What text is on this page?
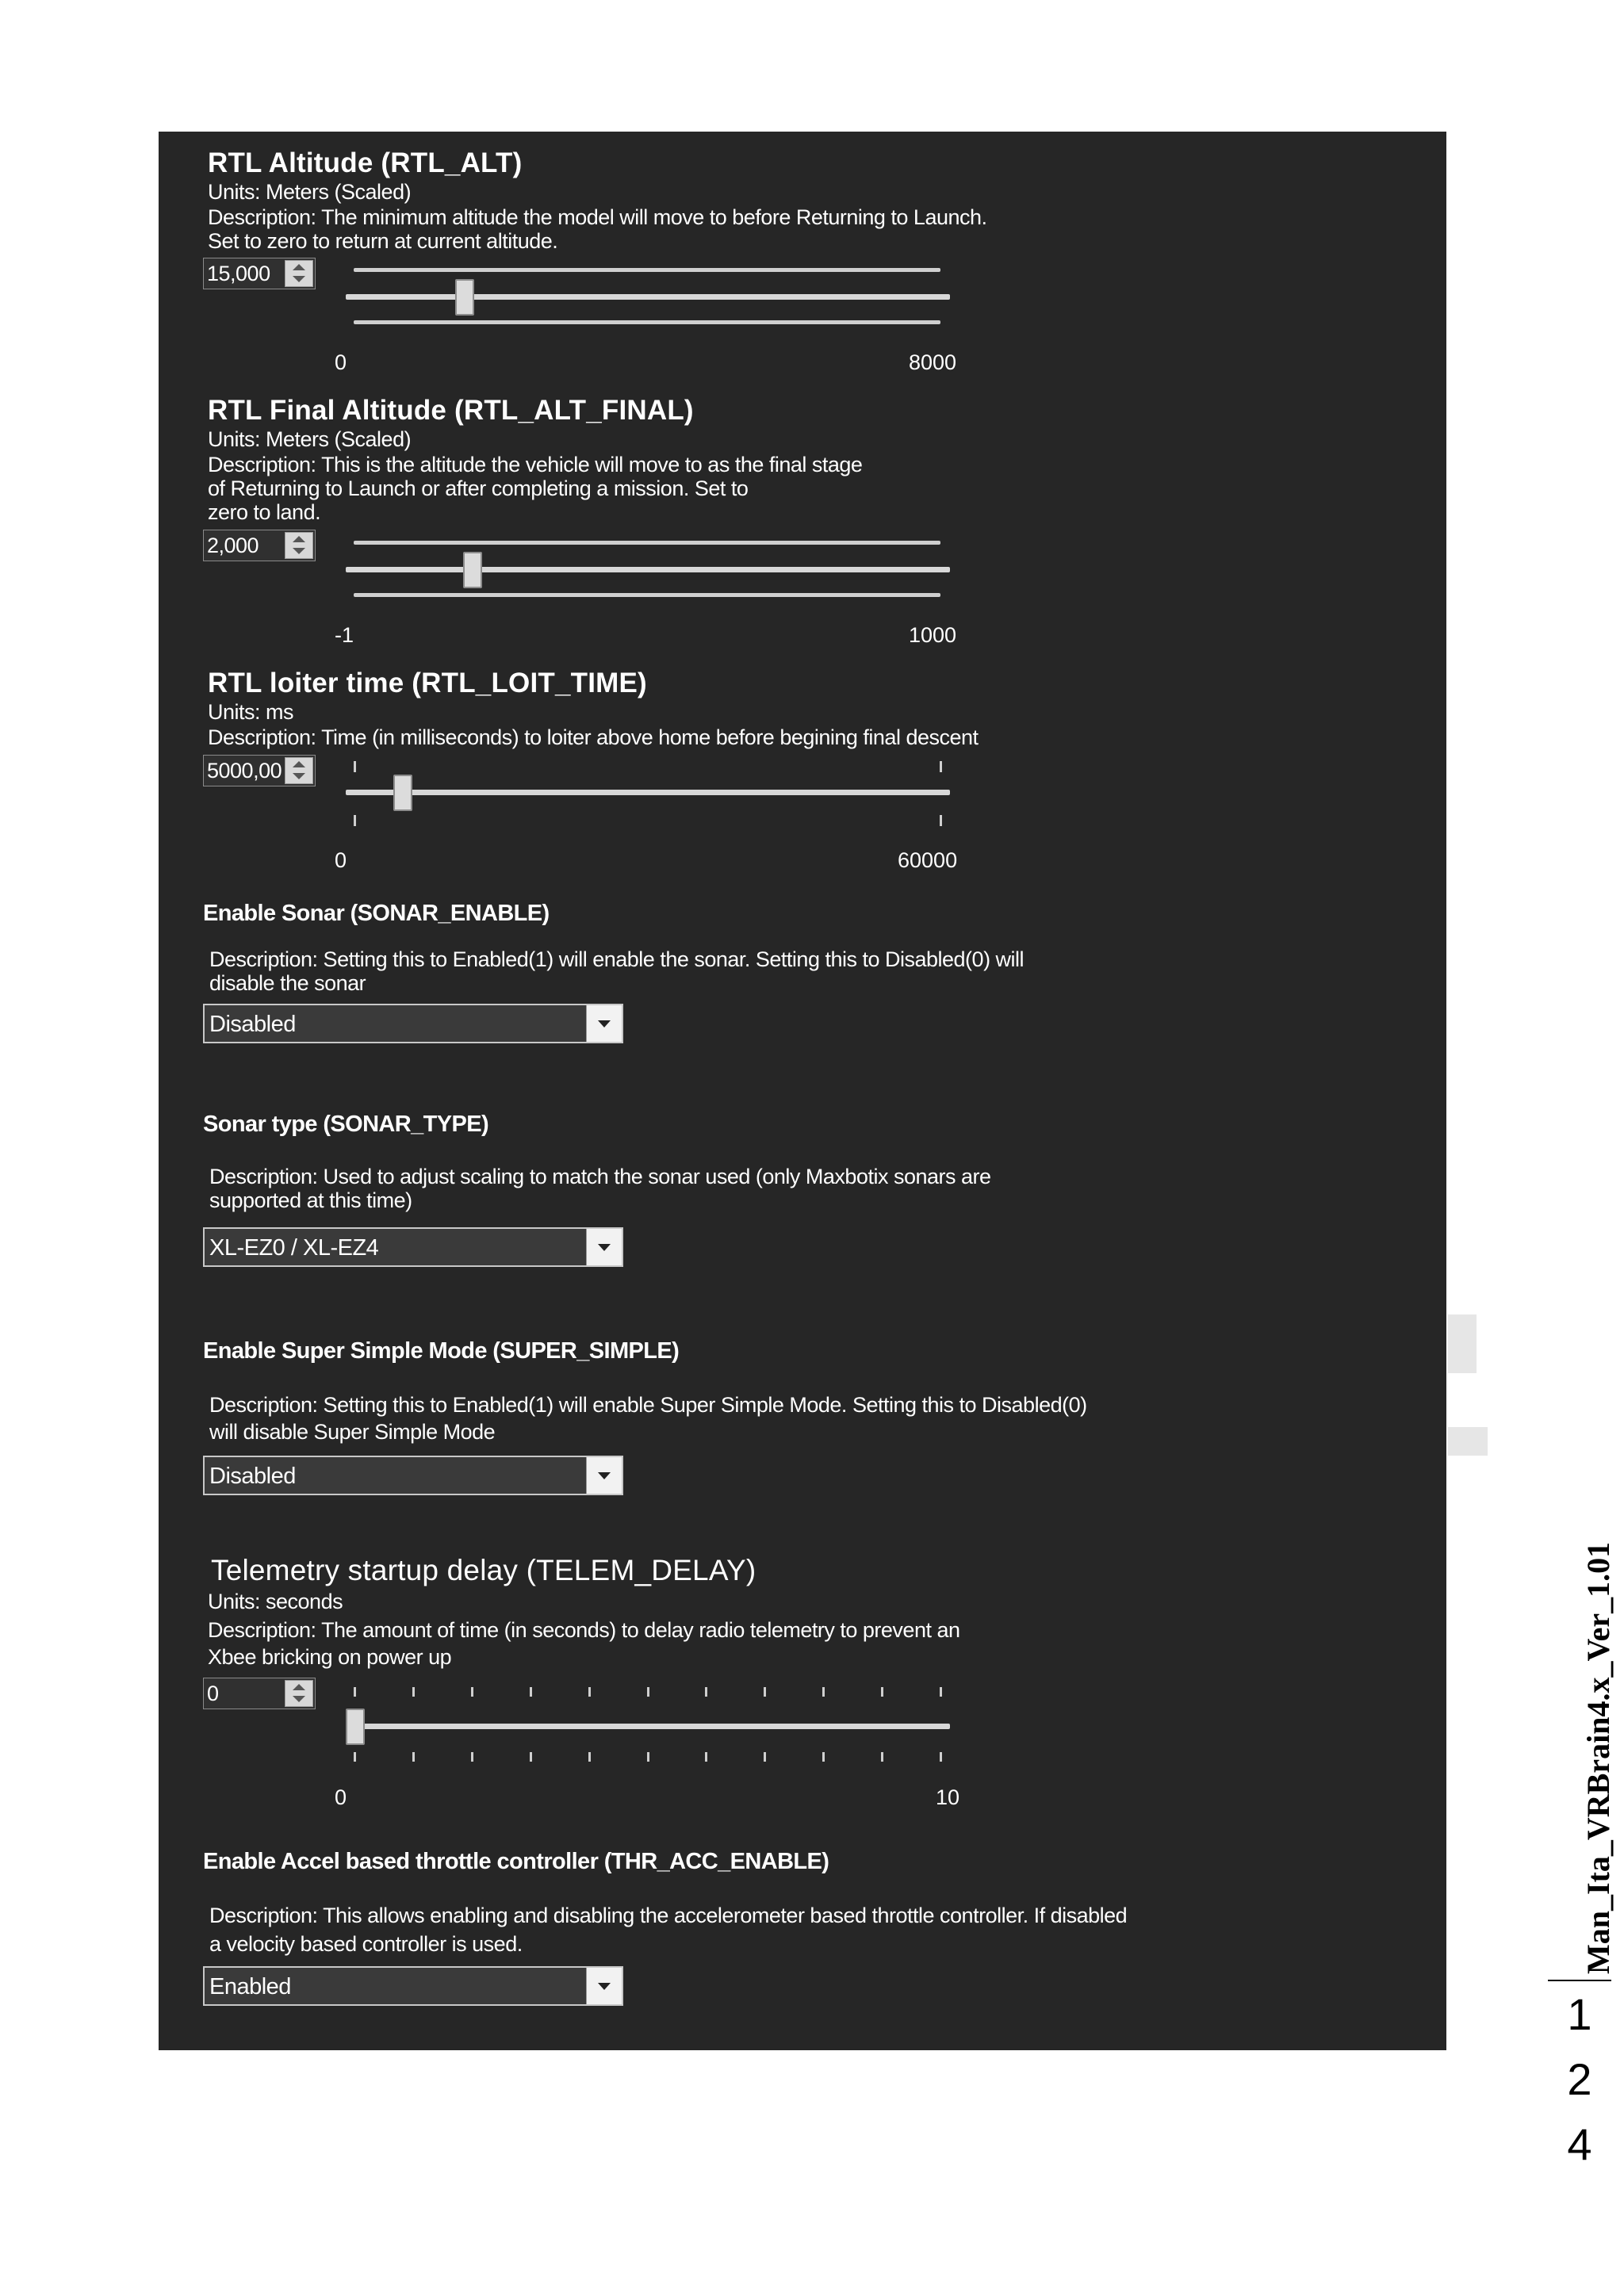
RTL Altitude (RTL_ALT)
Units: Meters (Scaled)
Description: The minimum altitude the model will move to before Returning to Launch.
Set to zero to return at current altitude.
15,000
0	8000
RTL Final Altitude (RTL_ALT_FINAL)
Units: Meters (Scaled)
Description: This is the altitude the vehicle will move to as the final stage
of Returning to Launch or after completing a mission. Set to
zero to land.
2,000
-1	1000
RTL loiter time (RTL_LOIT_TIME)
Units: ms
Description: Time (in milliseconds) to loiter above home before begining final descent
5000,00
0	60000
Enable Sonar (SONAR_ENABLE)
Description: Setting this to Enabled(1) will enable the sonar. Setting this to Disabled(0) will
disable the sonar
Disabled
Sonar type (SONAR_TYPE)
Description: Used to adjust scaling to match the sonar used (only Maxbotix sonars are
supported at this time)
XL-EZ0 / XL-EZ4
Enable Super Simple Mode (SUPER_SIMPLE)
Description: Setting this to Enabled(1) will enable Super Simple Mode. Setting this to Disabled(0)
will disable Super Simple Mode
Disabled
Telemetry startup delay (TELEM_DELAY)
Units: seconds
Description: The amount of time (in seconds) to delay radio telemetry to prevent an
Xbee bricking on power up
0
0	10
Enable Accel based throttle controller (THR_ACC_ENABLE)
Description: This allows enabling and disabling the accelerometer based throttle controller. If disabled
a velocity based controller is used.
Enabled
Man_Ita_VRBrain4.x_Ver_1.01
1
2
4
